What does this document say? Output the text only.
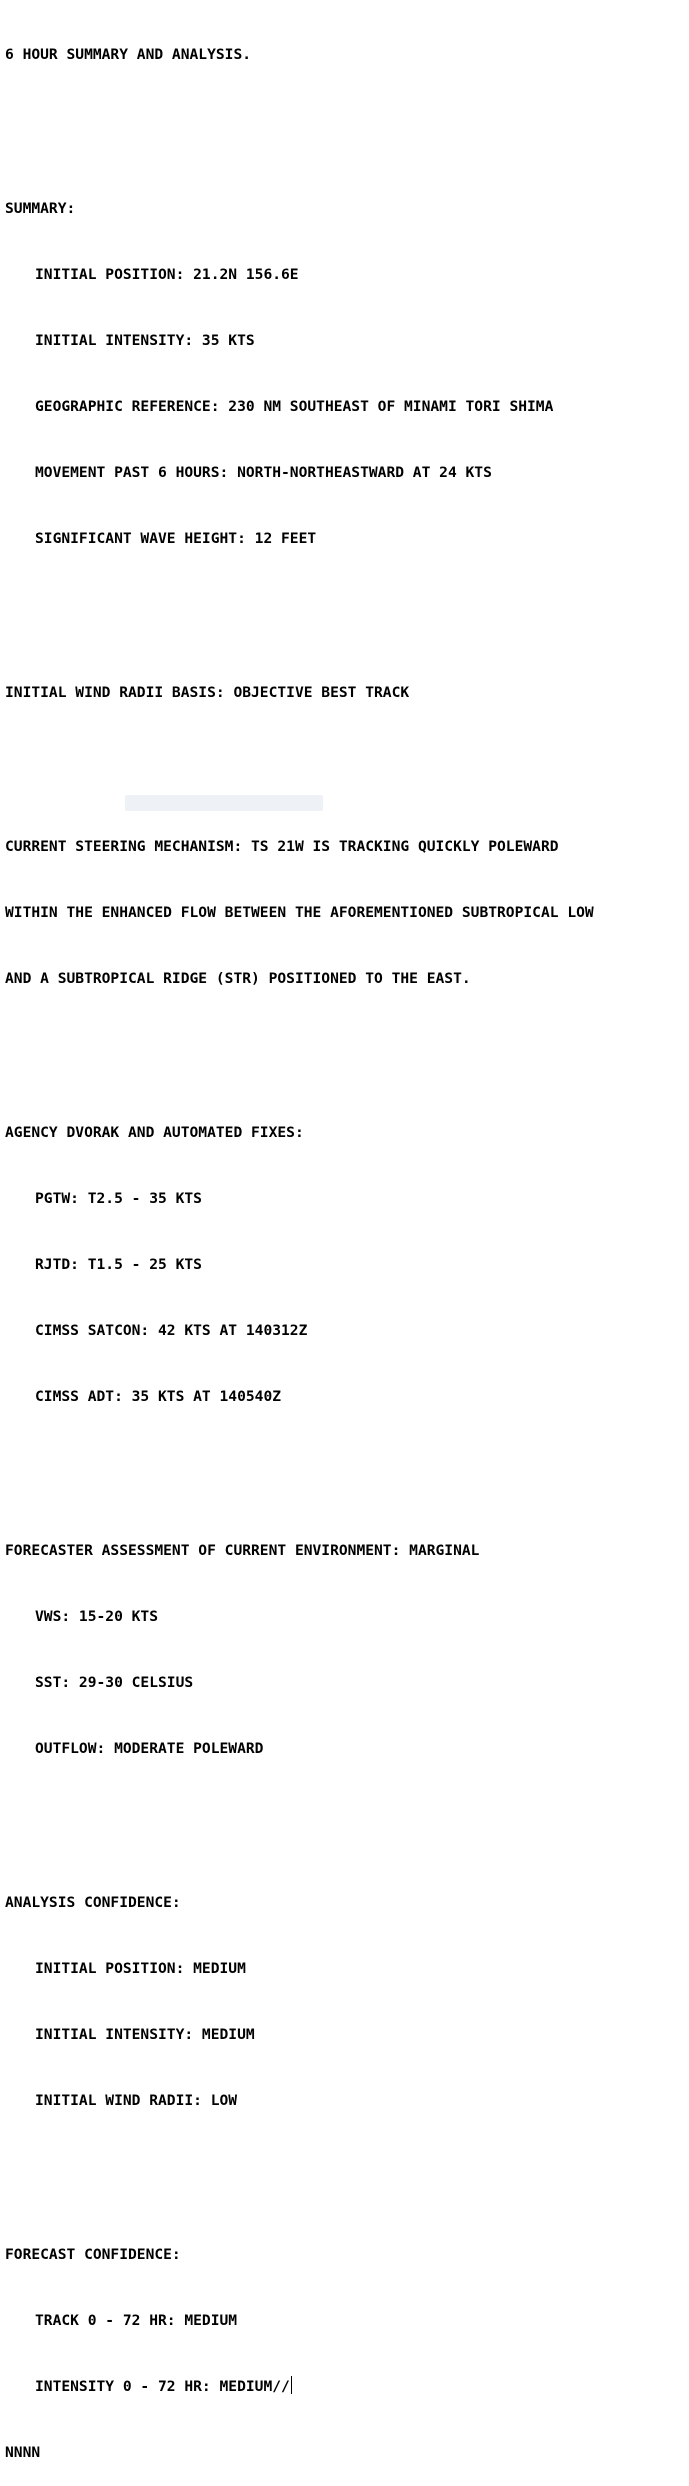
6 HOUR SUMMARY AND ANALYSIS.

SUMMARY:

INITIAL POSITION: 21.2N 156.6E

INITIAL INTENSITY: 35 KTS

GEOGRAPHIC REFERENCE: 230 NM SOUTHEAST OF MINAMI TORI SHIMA

MOVEMENT PAST 6 HOURS: NORTH-NORTHEASTWARD AT 24 KTS

SIGNIFICANT WAVE HEIGHT: 12 FEET

INITIAL WIND RADII BASIS: OBJECTIVE BEST TRACK

CURRENT STEERING MECHANISM: TS 21W IS TRACKING QUICKLY POLEWARD

WITHIN THE ENHANCED FLOW BETWEEN THE AFOREMENTIONED SUBTROPICAL LOW

AND A SUBTROPICAL RIDGE (STR) POSITIONED TO THE EAST.

AGENCY DVORAK AND AUTOMATED FIXES:

PGTW: T2.5 - 35 KTS

RJTD: T1.5 - 25 KTS

CIMSS SATCON: 42 KTS AT 140312Z

CIMSS ADT: 35 KTS AT 140540Z

FORECASTER ASSESSMENT OF CURRENT ENVIRONMENT: MARGINAL

VWS: 15-20 KTS

SST: 29-30 CELSIUS

OUTFLOW: MODERATE POLEWARD

ANALYSIS CONFIDENCE:

INITIAL POSITION: MEDIUM

INITIAL INTENSITY: MEDIUM

INITIAL WIND RADII: LOW

FORECAST CONFIDENCE:

TRACK 0 - 72 HR: MEDIUM

INTENSITY 0 - 72 HR: MEDIUM//

NNNN
